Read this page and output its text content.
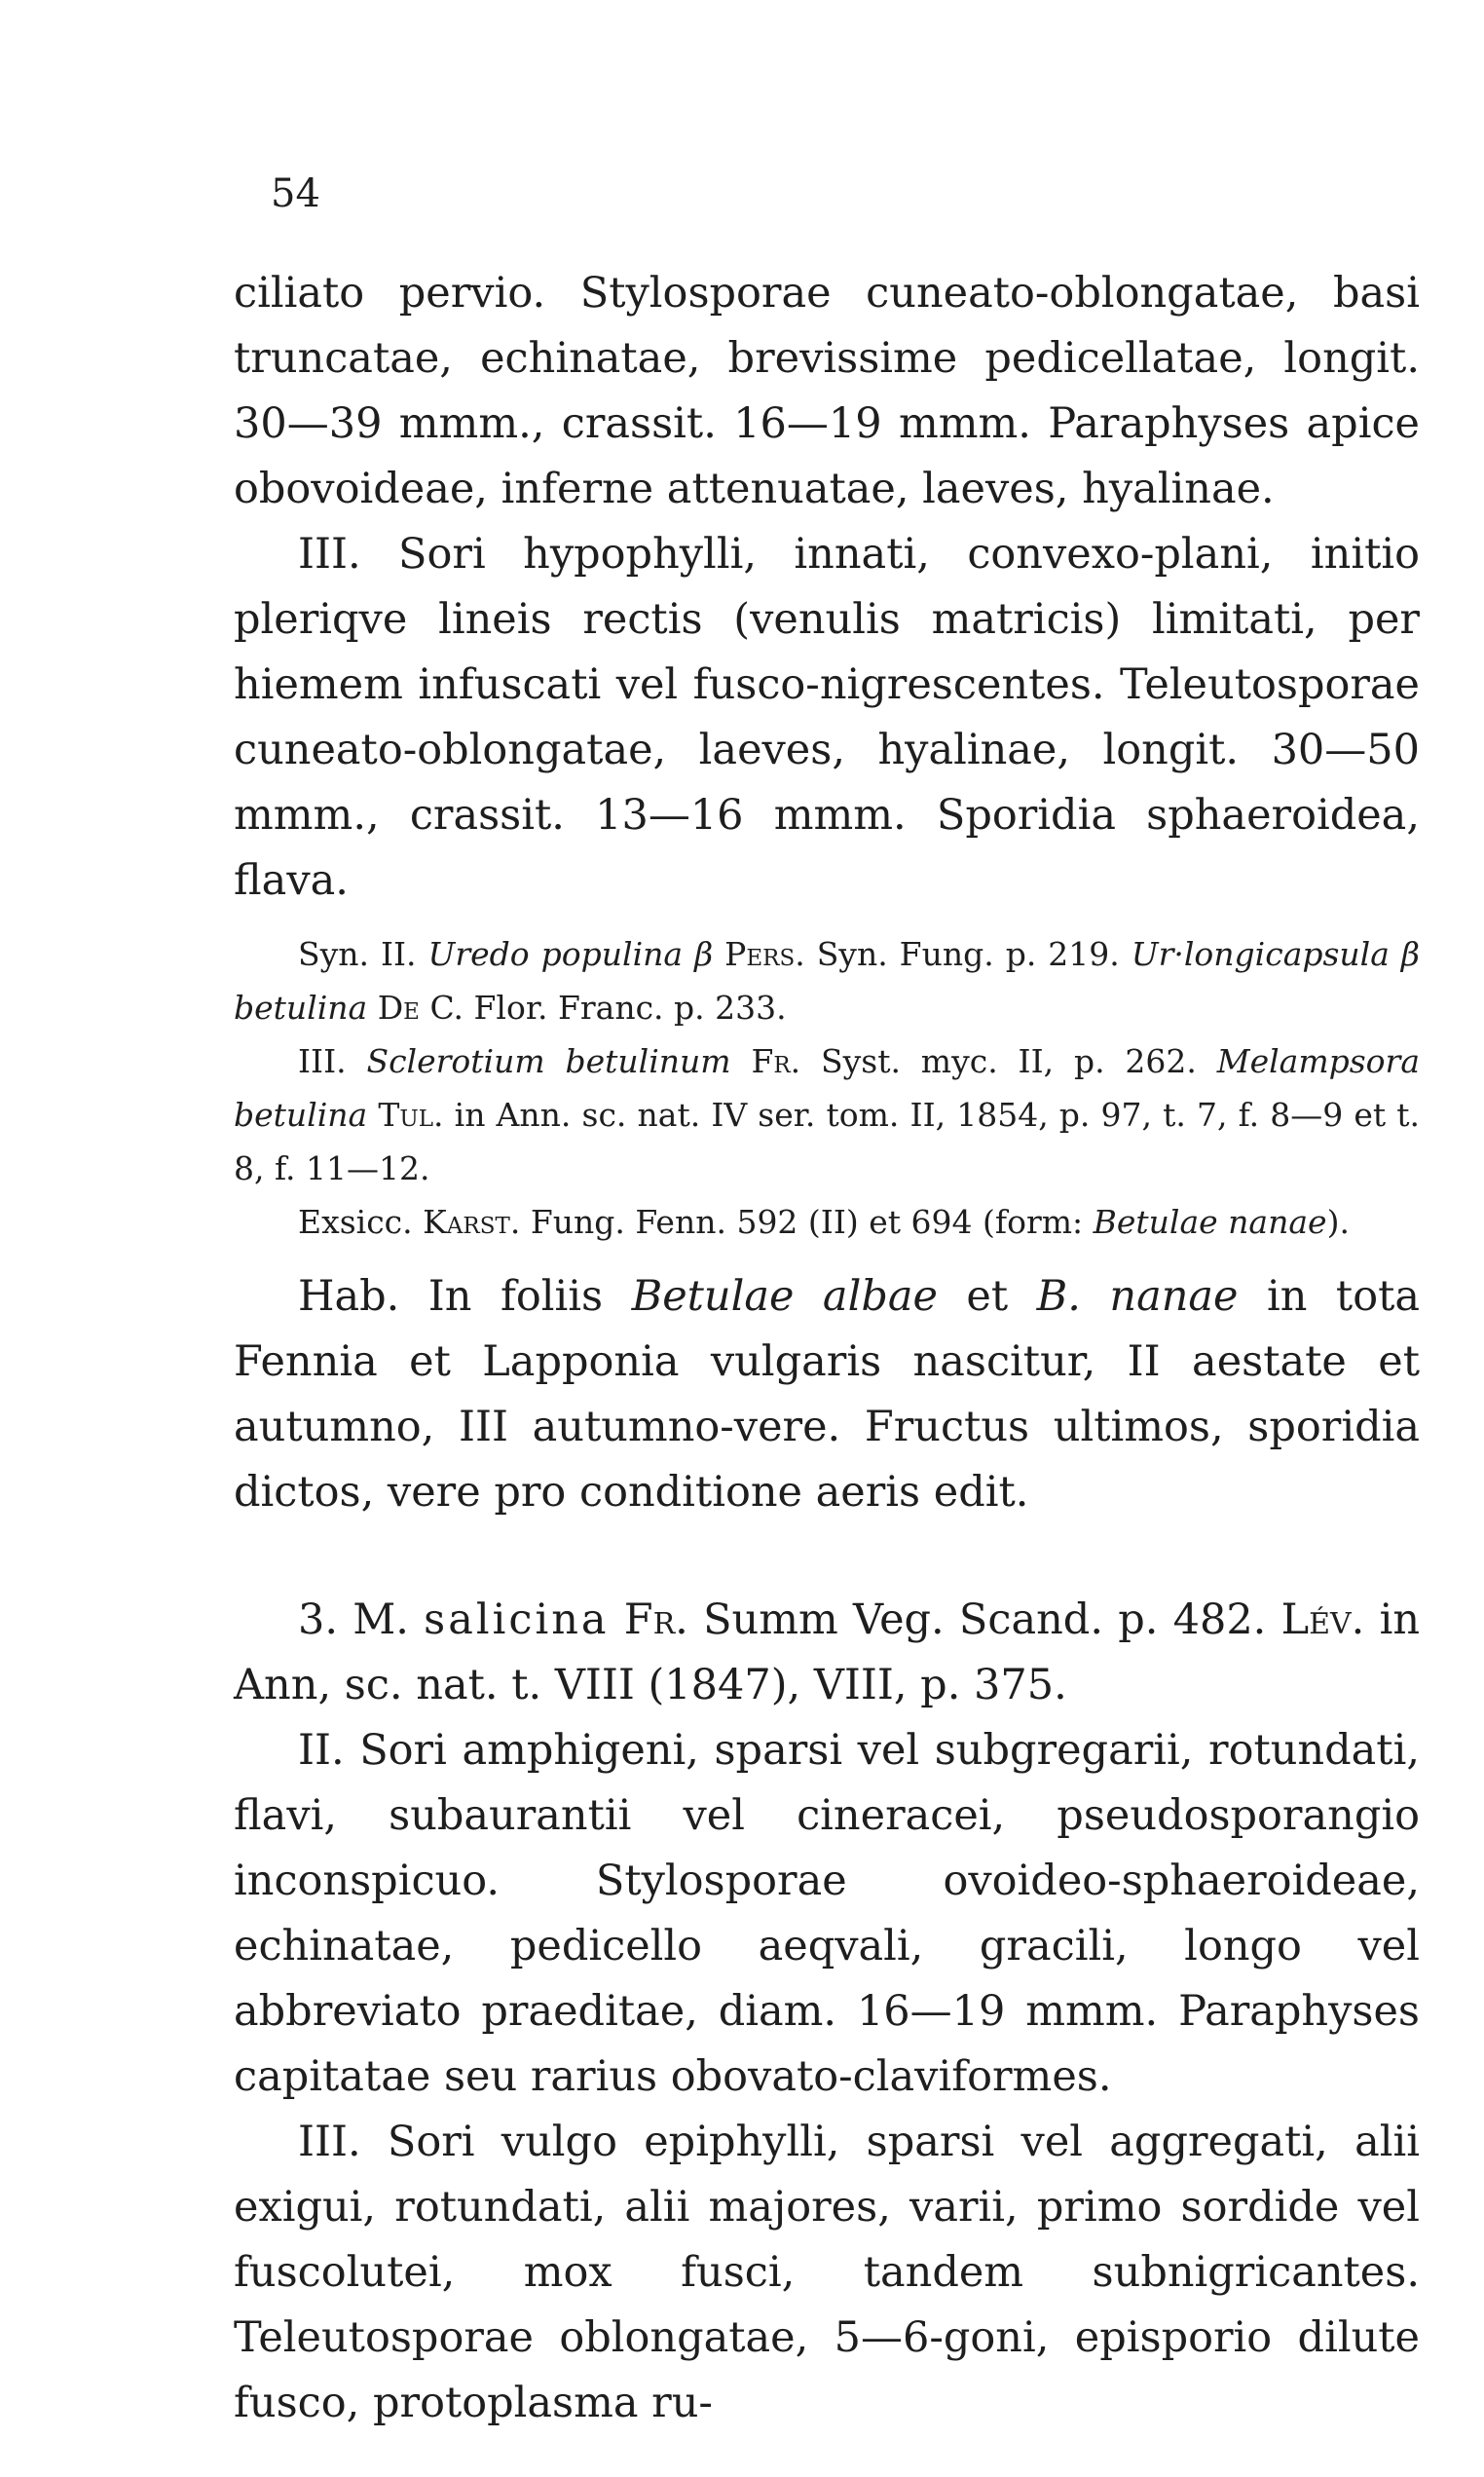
54

ciliato pervio. Stylosporae cuneato-oblongatae, basi truncatae, echinatae, brevissime pedicellatae, longit. 30—39 mmm., crassit. 16—19 mmm. Paraphyses apice obovoideae, inferne attenuatae, laeves, hyalinae.

III. Sori hypophylli, innati, convexo-plani, initio pleriqve lineis rectis (venulis matricis) limitati, per hiemem infuscati vel fusco-nigrescentes. Teleutosporae cuneato-oblongatae, laeves, hyalinae, longit. 30—50 mmm., crassit. 13—16 mmm. Sporidia sphaeroidea, flava.

Syn. II. Uredo populina β Pers. Syn. Fung. p. 219. Ur·longicapsula β betulina De C. Flor. Franc. p. 233.

III. Sclerotium betulinum Fr. Syst. myc. II, p. 262. Melampsora betulina Tul. in Ann. sc. nat. IV ser. tom. II, 1854, p. 97, t. 7, f. 8—9 et t. 8, f. 11—12.

Exsicc. Karst. Fung. Fenn. 592 (II) et 694 (form: Betulae nanae).

Hab. In foliis Betulae albae et B. nanae in tota Fennia et Lapponia vulgaris nascitur, II aestate et autumno, III autumno-vere. Fructus ultimos, sporidia dictos, vere pro conditione aeris edit.

3. M. salicina Fr. Summ Veg. Scand. p. 482. Lév. in Ann, sc. nat. t. VIII (1847), VIII, p. 375.

II. Sori amphigeni, sparsi vel subgregarii, rotundati, flavi, subaurantii vel cineracei, pseudosporangio inconspicuo. Stylosporae ovoideo-sphaeroideae, echinatae, pedicello aeqvali, gracili, longo vel abbreviato praeditae, diam. 16—19 mmm. Paraphyses capitatae seu rarius obovato-claviformes.

III. Sori vulgo epiphylli, sparsi vel aggregati, alii exigui, rotundati, alii majores, varii, primo sordide vel fuscolutei, mox fusci, tandem subnigricantes. Teleutosporae oblongatae, 5—6-goni, episporio dilute fusco, protoplasma ru-
